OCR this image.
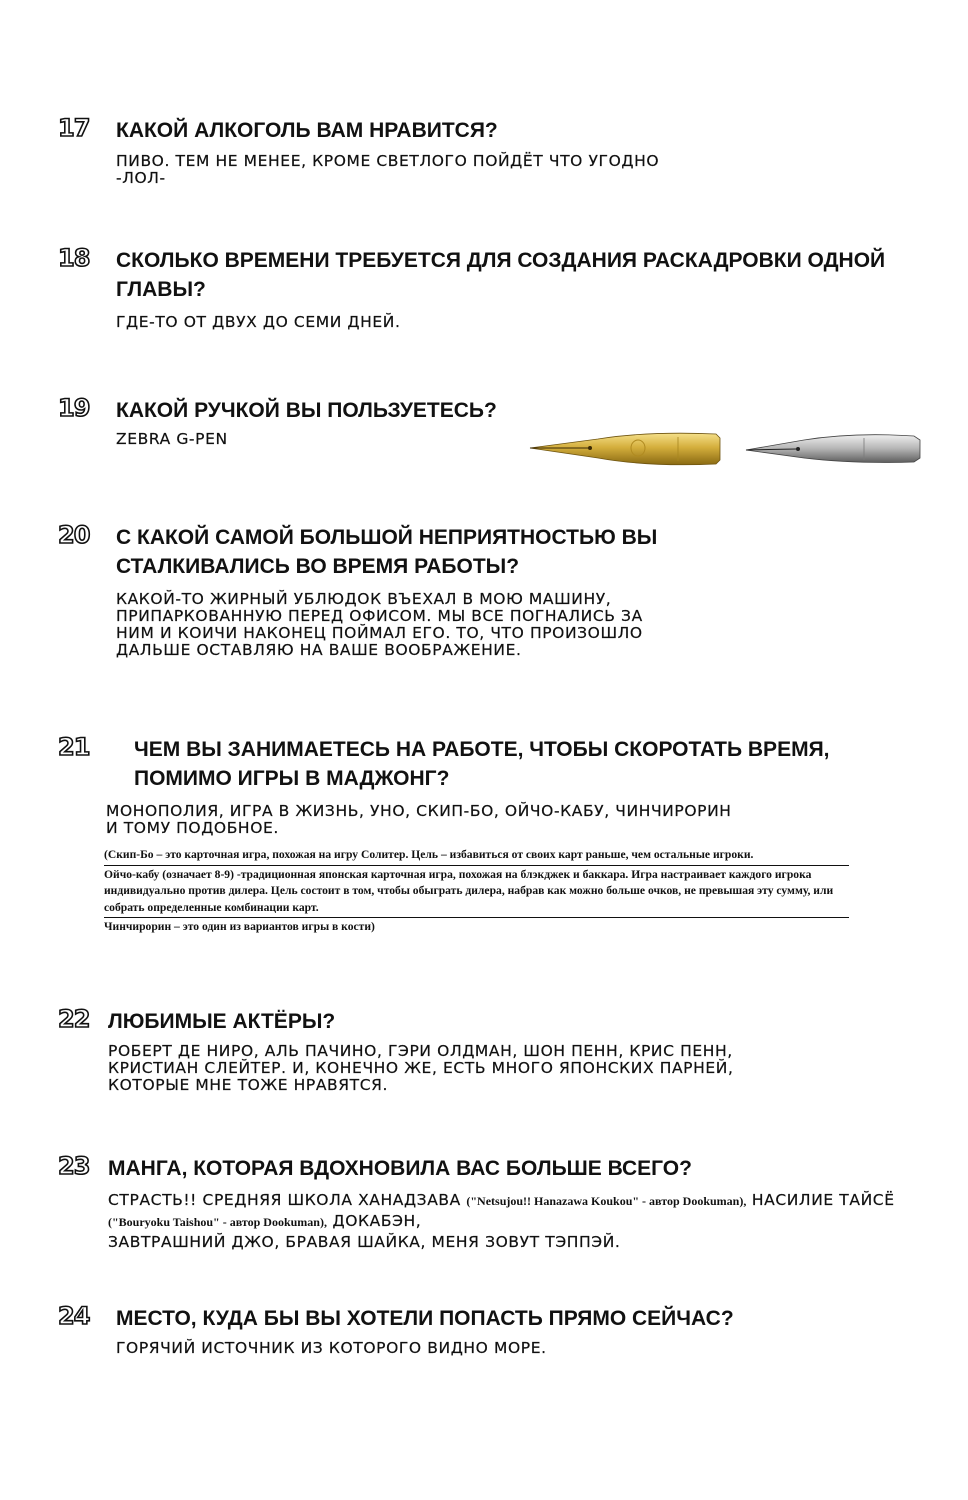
17 КАКОЙ АЛКОГОЛЬ ВАМ НРАВИТСЯ?

ПИВО. ТЕМ НЕ МЕНЕЕ, КРОМЕ СВЕТЛОГО ПОЙДЁТ ЧТО УГОДНО
-ЛОЛ-

18 СКОЛЬКО ВРЕМЕНИ ТРЕБУЕТСЯ ДЛЯ СОЗДАНИЯ РАСКАДРОВКИ ОДНОЙ ГЛАВЫ?

ГДЕ-ТО ОТ ДВУХ ДО СЕМИ ДНЕЙ.

19 КАКОЙ РУЧКОЙ ВЫ ПОЛЬЗУЕТЕСЬ?

ZEBRA G-PEN

20 С КАКОЙ САМОЙ БОЛЬШОЙ НЕПРИЯТНОСТЬЮ ВЫ СТАЛКИВАЛИСЬ ВО ВРЕМЯ РАБОТЫ?

КАКОЙ-ТО ЖИРНЫЙ УБЛЮДОК ВЪЕХАЛ В МОЮ МАШИНУ,
ПРИПАРКОВАННУЮ ПЕРЕД ОФИСОМ. МЫ ВСЕ ПОГНАЛИСЬ ЗА
НИМ И КОИЧИ НАКОНЕЦ ПОЙМАЛ ЕГО. ТО, ЧТО ПРОИЗОШЛО
ДАЛЬШЕ ОСТАВЛЯЮ НА ВАШЕ ВООБРАЖЕНИЕ.

21 ЧЕМ ВЫ ЗАНИМАЕТЕСЬ НА РАБОТЕ, ЧТОБЫ СКОРОТАТЬ ВРЕМЯ, ПОМИМО ИГРЫ В МАДЖОНГ?

МОНОПОЛИЯ, ИГРА В ЖИЗНЬ, УНО, СКИП-БО, ОЙЧО-КАБУ, ЧИНЧИРОРИН
И ТОМУ ПОДОБНОЕ.

(Скип-Бо – это карточная игра, похожая на игру Солитер. Цель – избавиться от своих карт раньше, чем остальные игроки.

Ойчо-кабу (означает 8-9) -традиционная японская карточная игра, похожая на блэкджек и баккара. Игра настраивает каждого игрока индивидуально против дилера. Цель состоит в том, чтобы обыграть дилера, набрав как можно больше очков, не превышая эту сумму, или собрать определенные комбинации карт.

Чинчирорин – это один из вариантов игры в кости)

22 ЛЮБИМЫЕ АКТЁРЫ?

РОБЕРТ ДЕ НИРО, АЛЬ ПАЧИНО, ГЭРИ ОЛДМАН, ШОН ПЕНН, КРИС ПЕНН,
КРИСТИАН СЛЕЙТЕР. И, КОНЕЧНО ЖЕ, ЕСТЬ МНОГО ЯПОНСКИХ ПАРНЕЙ,
КОТОРЫЕ МНЕ ТОЖЕ НРАВЯТСЯ.

23 МАНГА, КОТОРАЯ ВДОХНОВИЛА ВАС БОЛЬШЕ ВСЕГО?
СТРАСТЬ!! СРЕДНЯЯ ШКОЛА ХАНАДЗАВА ("Netsujou!! Hanazawa Koukou" - автор Dookuman), НАСИЛИЕ ТАЙСЁ ("Bouryoku Taishou" - автор Dookuman), ДОКАБЭН,
ЗАВТРАШНИЙ ДЖО, БРАВАЯ ШАЙКА, МЕНЯ ЗОВУТ ТЭППЭЙ.
24 МЕСТО, КУДА БЫ ВЫ ХОТЕЛИ ПОПАСТЬ ПРЯМО СЕЙЧАС?

ГОРЯЧИЙ ИСТОЧНИК ИЗ КОТОРОГО ВИДНО МОРЕ.
